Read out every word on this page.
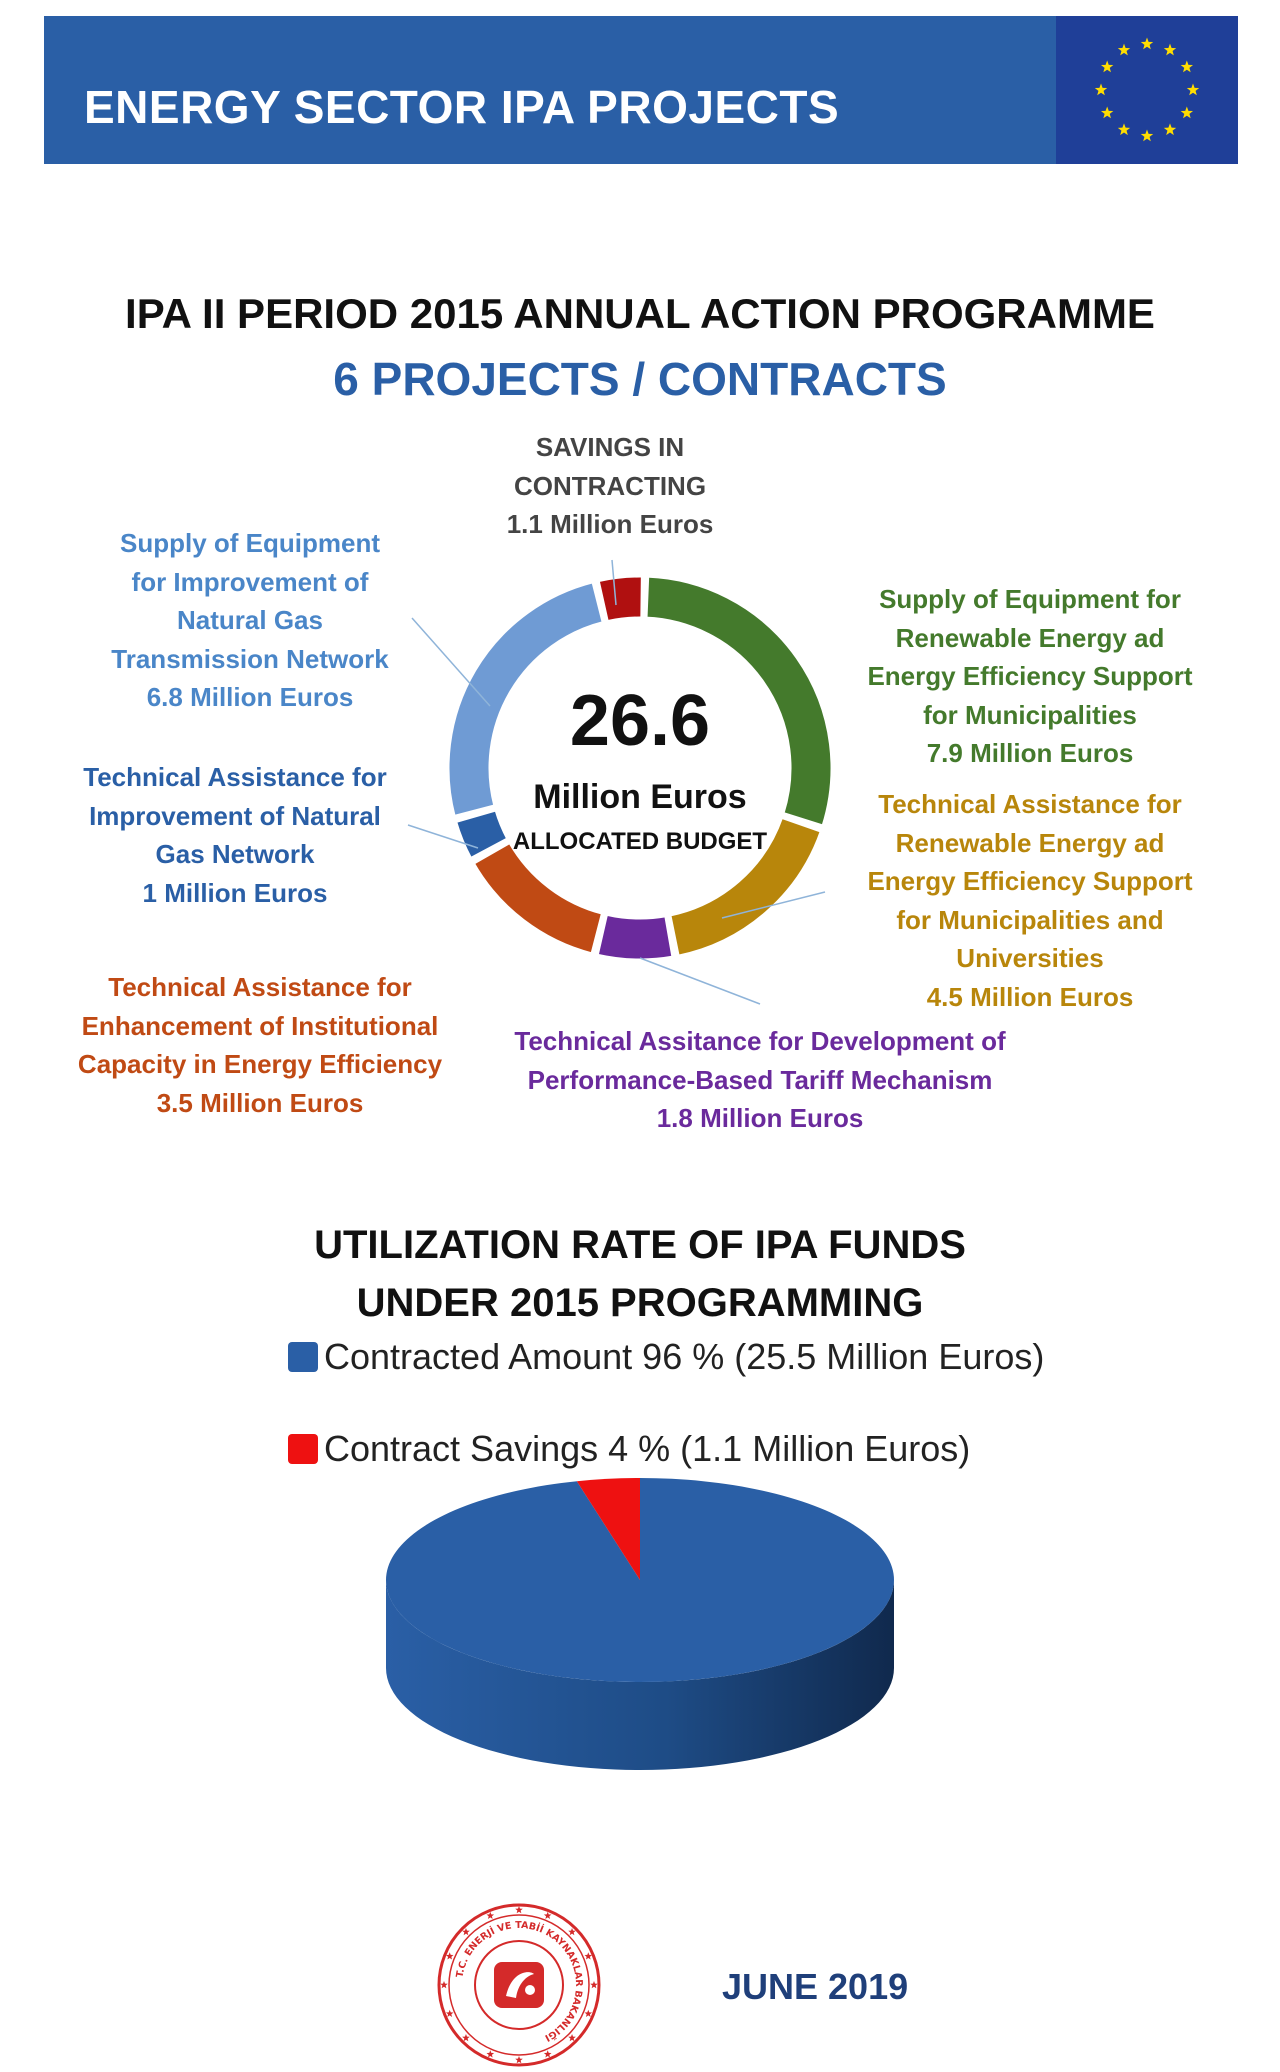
ENERGY SECTOR IPA PROJECTS
IPA II PERIOD 2015 ANNUAL ACTION PROGRAMME
6 PROJECTS / CONTRACTS
26.6
Million Euros
ALLOCATED BUDGET
Supply of Equipment for
Renewable Energy ad
Energy Efficiency Support
for Municipalities
7.9 Million Euros
Technical Assistance for
Renewable Energy ad
Energy Efficiency Support
for Municipalities and
Universities
4.5 Million Euros
Technical Assitance for Development of
Performance-Based Tariff Mechanism
1.8 Million Euros
Technical Assistance for
Enhancement of Institutional
Capacity in Energy Efficiency
3.5 Million Euros
Technical Assistance for
Improvement of Natural
Gas Network
1 Million Euros
Supply of Equipment
for Improvement of
Natural Gas
Transmission Network
6.8 Million Euros
SAVINGS IN
CONTRACTING
1.1 Million Euros
UTILIZATION RATE OF IPA FUNDS
UNDER 2015 PROGRAMMING
Contracted Amount 96 % (25.5 Million Euros)
Contract Savings 4 % (1.1 Million Euros)
T.C. ENERJİ VE TABİİ KAYNAKLAR BAKANLIĞI
JUNE 2019
